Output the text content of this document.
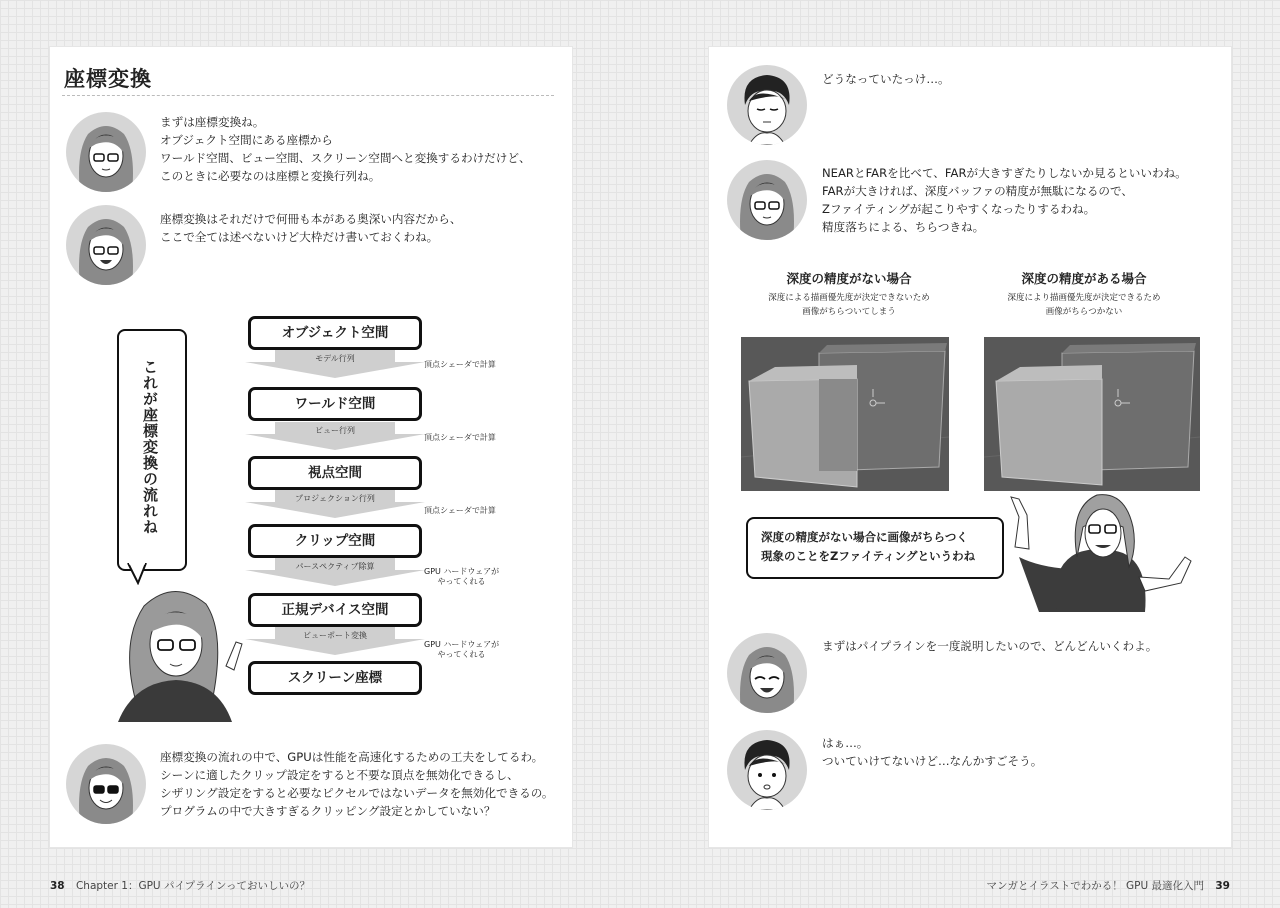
座標変換
まずは座標変換ね。
オブジェクト空間にある座標から
ワールド空間、ビュー空間、スクリーン空間へと変換するわけだけど、
このときに必要なのは座標と変換行列ね。
座標変換はそれだけで何冊も本がある奥深い内容だから、
ここで全ては述べないけど大枠だけ書いておくわね。
これが座標変換の流れね
オブジェクト空間
モデル行列
頂点シェーダで計算
ワールド空間
ビュー行列
頂点シェーダで計算
視点空間
プロジェクション行列
頂点シェーダで計算
クリップ空間
パースペクティブ除算
GPU ハードウェアが
やってくれる
正規デバイス空間
ビューポート変換
GPU ハードウェアが
やってくれる
スクリーン座標
座標変換の流れの中で、GPUは性能を高速化するための工夫をしてるわ。
シーンに適したクリップ設定をすると不要な頂点を無効化できるし、
シザリング設定をすると必要なピクセルではないデータを無効化できるの。
プログラムの中で大きすぎるクリッピング設定とかしていない？
どうなっていたっけ…。
NEARとFARを比べて、FARが大きすぎたりしないか見るといいわね。
FARが大きければ、深度バッファの精度が無駄になるので、
Zファイティングが起こりやすくなったりするわね。
精度落ちによる、ちらつきね。
深度の精度がない場合
深度による描画優先度が決定できないため
画像がちらついてしまう
深度の精度がある場合
深度により描画優先度が決定できるため
画像がちらつかない
深度の精度がない場合に画像がちらつく
現象のことをZファイティングというわね
まずはパイプラインを一度説明したいので、どんどんいくわよ。
はぁ…。
ついていけてないけど…なんかすごそう。
38 Chapter 1：GPU パイプラインっておいしいの？	マンガとイラストでわかる！ GPU 最適化入門 39
